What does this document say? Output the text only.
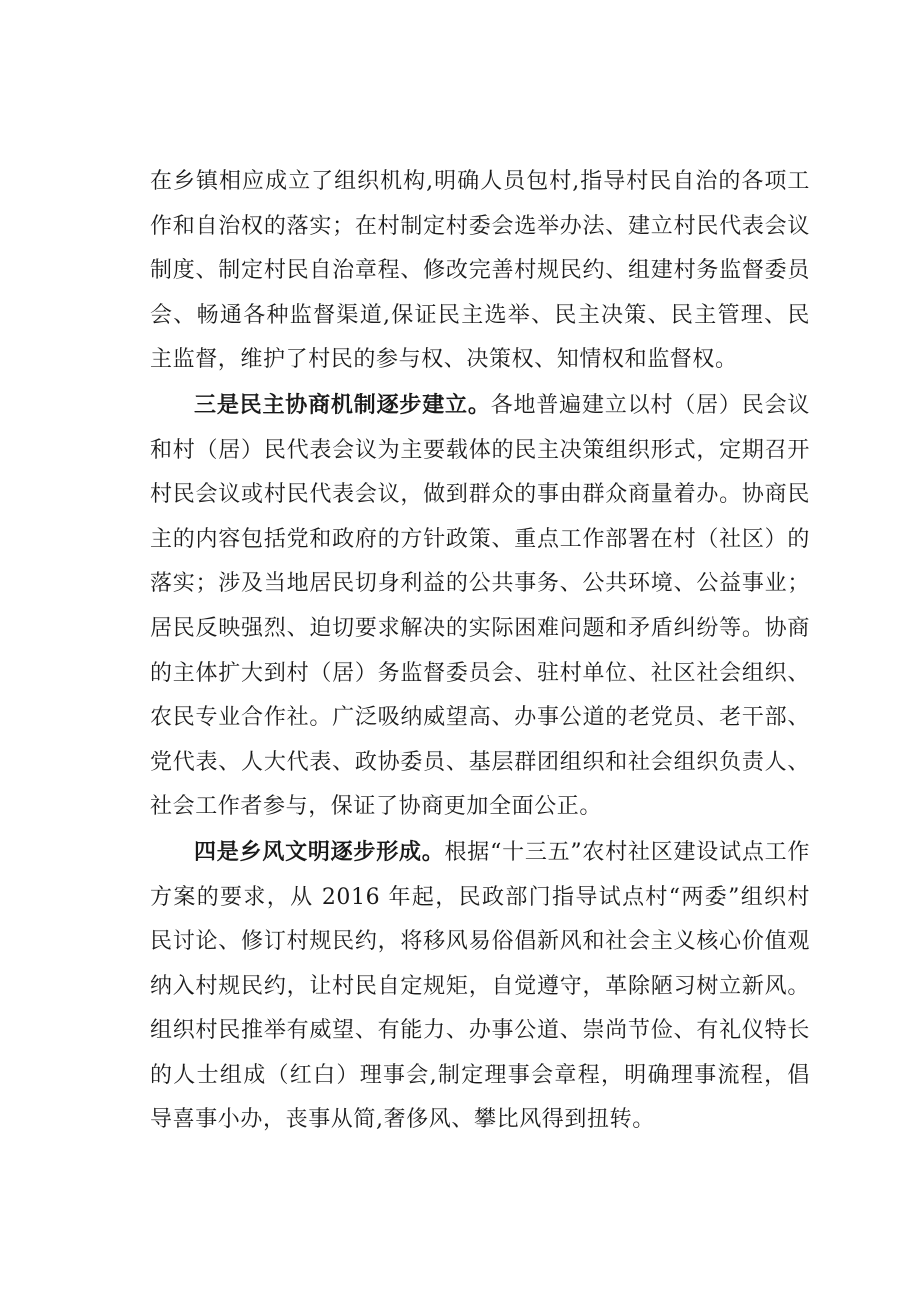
在乡镇相应成立了组织机构,明确人员包村,指导村民自治的各项工作和自治权的落实；在村制定村委会选举办法、建立村民代表会议制度、制定村民自治章程、修改完善村规民约、组建村务监督委员会、畅通各种监督渠道,保证民主选举、民主决策、民主管理、民主监督，维护了村民的参与权、决策权、知情权和监督权。

三是民主协商机制逐步建立。各地普遍建立以村（居）民会议和村（居）民代表会议为主要载体的民主决策组织形式，定期召开村民会议或村民代表会议，做到群众的事由群众商量着办。协商民主的内容包括党和政府的方针政策、重点工作部署在村（社区）的落实；涉及当地居民切身利益的公共事务、公共环境、公益事业；居民反映强烈、迫切要求解决的实际困难问题和矛盾纠纷等。协商的主体扩大到村（居）务监督委员会、驻村单位、社区社会组织、农民专业合作社。广泛吸纳威望高、办事公道的老党员、老干部、党代表、人大代表、政协委员、基层群团组织和社会组织负责人、社会工作者参与，保证了协商更加全面公正。

四是乡风文明逐步形成。根据“十三五”农村社区建设试点工作方案的要求，从 2016 年起，民政部门指导试点村“两委”组织村民讨论、修订村规民约，将移风易俗倡新风和社会主义核心价值观纳入村规民约，让村民自定规矩，自觉遵守，革除陋习树立新风。组织村民推举有威望、有能力、办事公道、崇尚节俭、有礼仪特长的人士组成（红白）理事会,制定理事会章程，明确理事流程，倡导喜事小办，丧事从简,奢侈风、攀比风得到扭转。
